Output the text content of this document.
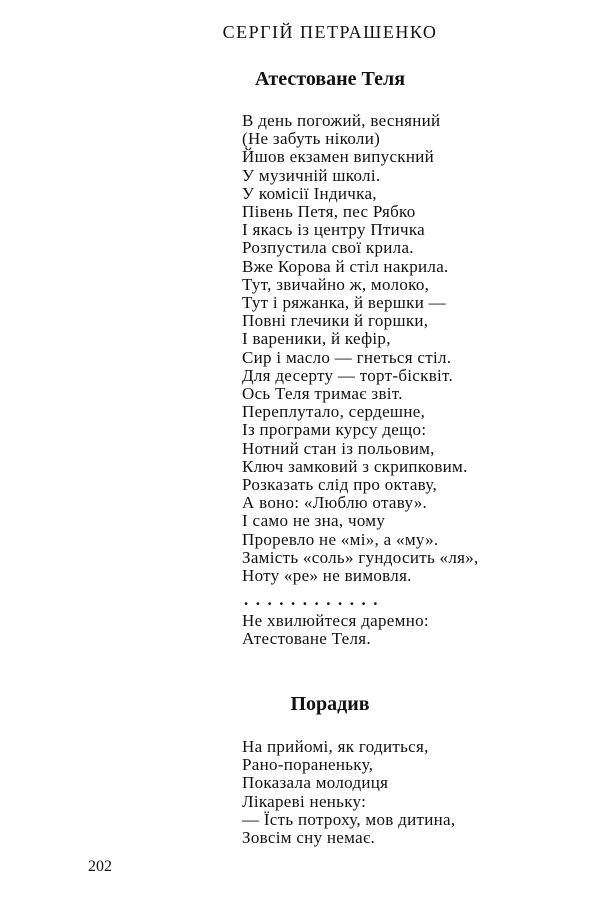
СЕРГІЙ ПЕТРАШЕНКО
Атестоване Теля
В день погожий, весняний
(Не забуть ніколи)
Йшов екзамен випускний
У музичній школі.
У комісії Індичка,
Півень Петя, пес Рябко
І якась із центру Птичка
Розпустила свої крила.
Вже Корова й стіл накрила.
Тут, звичайно ж, молоко,
Тут і ряжанка, й вершки —
Повні глечики й горшки,
І вареники, й кефір,
Сир і масло — гнеться стіл.
Для десерту — торт-бісквіт.
Ось Теля тримає звіт.
Переплутало, сердешне,
Із програми курсу дещо:
Нотний стан із польовим,
Ключ замковий з скрипковим.
Розказать слід про октаву,
А воно: «Люблю отаву».
І само не зна, чому
Проревло не «мі», а «му».
Замість «соль» гундосить «ля»,
Ноту «ре» не вимовля.
............
Не хвилюйтеся даремно:
Атестоване Теля.
Порадив
На прийомі, як годиться,
Рано-пораненьку,
Показала молодиця
Лікареві неньку:
— Їсть потроху, мов дитина,
Зовсім сну немає.
202
